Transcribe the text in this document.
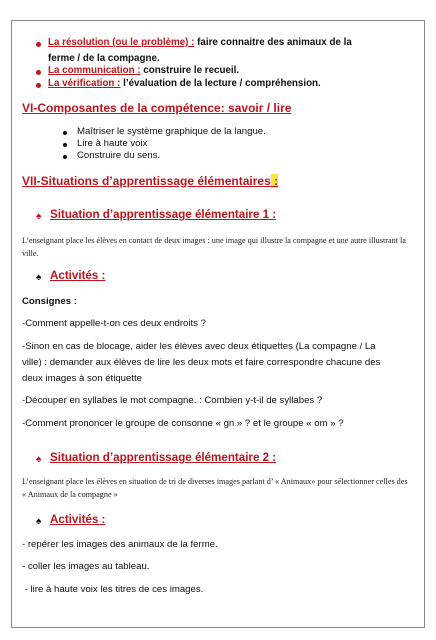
La résolution (ou le problème) : faire connaitre des animaux de la
ferme / de la compagne.
La communication : construire le recueil.
La vérification : l’évaluation de la lecture / compréhension.
VI-Composantes de la compétence: savoir / lire
Maîtriser le système graphique de la langue.
Lire à haute voix
Construire du sens.
VII-Situations d’apprentissage élémentaires :
♠ Situation d’apprentissage élémentaire 1 :
L’enseignant place les élèves en contact de deux images : une image qui illustre la compagne et une autre illustrant la
ville.
♠ Activités :
Consignes :
-Comment appelle-t-on ces deux endroits ?
-Sinon en cas de blocage, aider les élèves avec deux étiquettes (La compagne / La
ville) : demander aux élèves de lire les deux mots et faire correspondre chacune des
deux images à son étiquette
-Découper en syllabes le mot compagne. : Combien y-t-il de syllabes ?
-Comment prononcer le groupe de consonne « gn » ? et le groupe « om » ?
♠ Situation d’apprentissage élémentaire 2 :
L’enseignant place les élèves en situation de tri de diverses images parlant d’ « Animaux» pour sélectionner celles des
« Animaux de la compagne »
♠ Activités :
- repérer les images des animaux de la ferme.
- coller les images au tableau.
- lire à haute voix les titres de ces images.
